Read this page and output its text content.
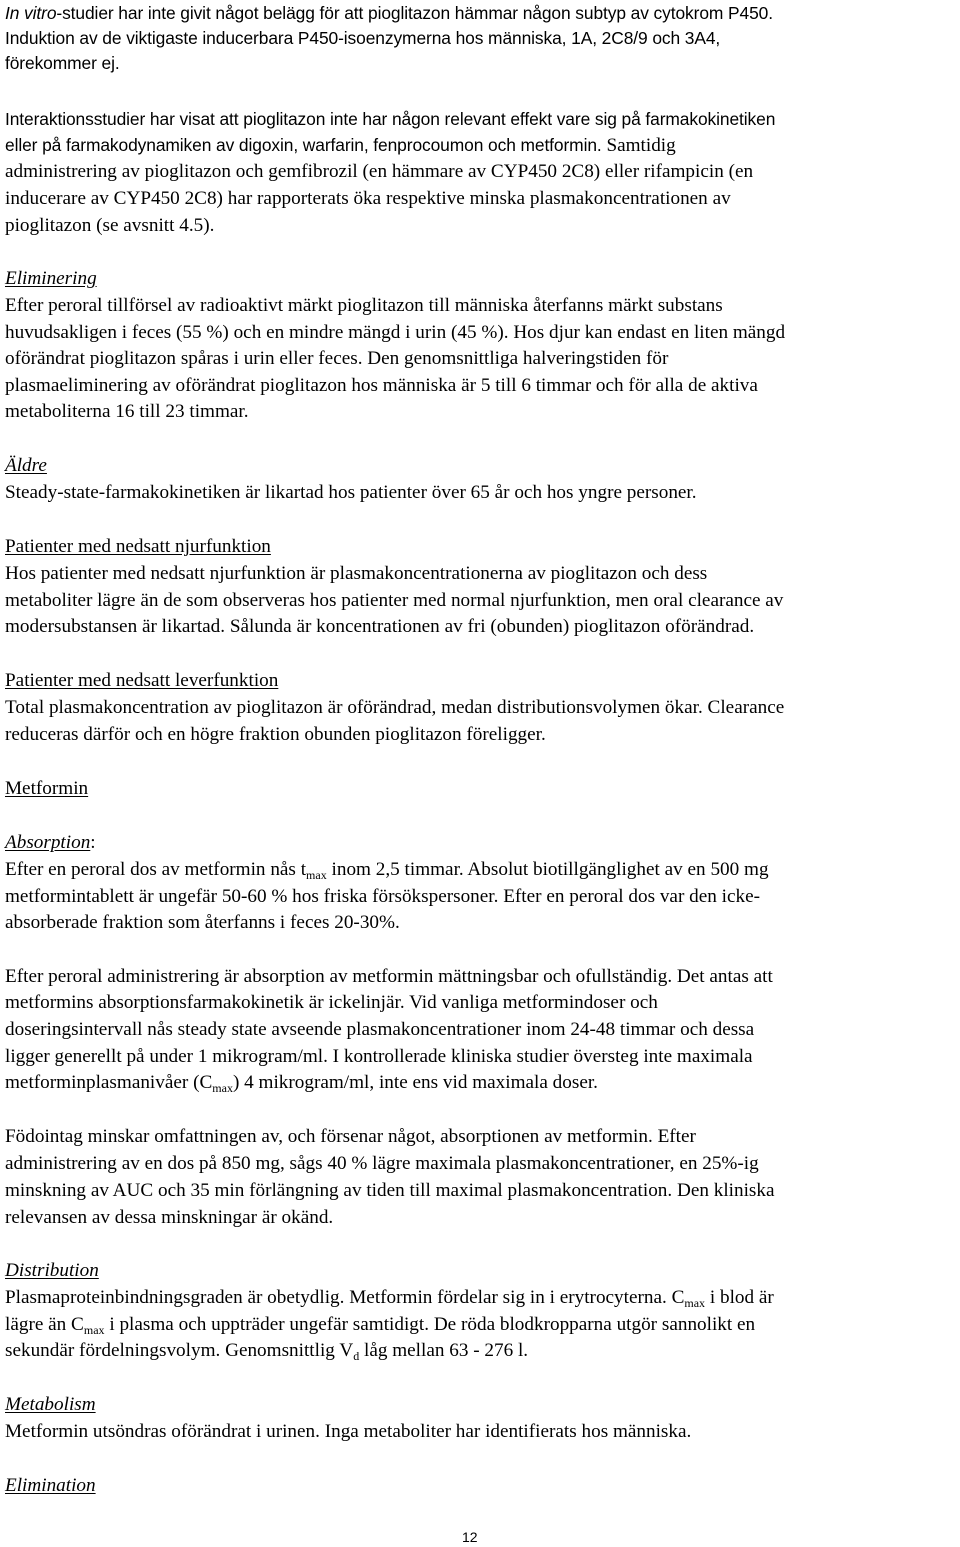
In vitro-studier har inte givit något belägg för att pioglitazon hämmar någon subtyp av cytokrom P450.
Induktion av de viktigaste inducerbara P450-isoenzymerna hos människa, 1A, 2C8/9 och 3A4,
förekommer ej.
Interaktionsstudier har visat att pioglitazon inte har någon relevant effekt vare sig på farmakokinetiken
eller på farmakodynamiken av digoxin, warfarin, fenprocoumon och metformin. Samtidig
administrering av pioglitazon och gemfibrozil (en hämmare av CYP450 2C8) eller rifampicin (en
inducerare av CYP450 2C8) har rapporterats öka respektive minska plasmakoncentrationen av
pioglitazon (se avsnitt 4.5).
Eliminering
Efter peroral tillförsel av radioaktivt märkt pioglitazon till människa återfanns märkt substans
huvudsakligen i feces (55 %) och en mindre mängd i urin (45 %). Hos djur kan endast en liten mängd
oförändrat pioglitazon spåras i urin eller feces. Den genomsnittliga halveringstiden för
plasmaeliminering av oförändrat pioglitazon hos människa är 5 till 6 timmar och för alla de aktiva
metaboliterna 16 till 23 timmar.
Äldre
Steady-state-farmakokinetiken är likartad hos patienter över 65 år och hos yngre personer.
Patienter med nedsatt njurfunktion
Hos patienter med nedsatt njurfunktion är plasmakoncentrationerna av pioglitazon och dess
metaboliter lägre än de som observeras hos patienter med normal njurfunktion, men oral clearance av
modersubstansen är likartad. Sålunda är koncentrationen av fri (obunden) pioglitazon oförändrad.
Patienter med nedsatt leverfunktion
Total plasmakoncentration av pioglitazon är oförändrad, medan distributionsvolymen ökar. Clearance
reduceras därför och en högre fraktion obunden pioglitazon föreligger.
Metformin
Absorption:
Efter en peroral dos av metformin nås $t_{max}$ inom 2,5 timmar. Absolut biotillgänglighet av en 500 mg
metformintablett är ungefär 50-60 % hos friska försökspersoner. Efter en peroral dos var den icke-
absorberade fraktion som återfanns i feces 20-30%.
Efter peroral administrering är absorption av metformin mättningsbar och ofullständig. Det antas att
metformins absorptionsfarmakokinetik är ickelinjär. Vid vanliga metformindoser och
doseringsintervall nås steady state avseende plasmakoncentrationer inom 24-48 timmar och dessa
ligger generellt på under 1 mikrogram/ml. I kontrollerade kliniska studier översteg inte maximala
metforminplasmanivåer $(C_{max})$ 4 mikrogram/ml, inte ens vid maximala doser.
Födointag minskar omfattningen av, och försenar något, absorptionen av metformin. Efter
administrering av en dos på 850 mg, sågs 40 % lägre maximala plasmakoncentrationer, en 25%-ig
minskning av AUC och 35 min förlängning av tiden till maximal plasmakoncentration. Den kliniska
relevansen av dessa minskningar är okänd.
Distribution
Plasmaproteinbindningsgraden är obetydlig. Metformin fördelar sig in i erytrocyterna. $C_{max}$ i blod är
lägre än $C_{max}$ i plasma och uppträder ungefär samtidigt. De röda blodkropparna utgör sannolikt en
sekundär fördelningsvolym. Genomsnittlig $V_d$ låg mellan 63 - 276 l.
Metabolism
Metformin utsöndras oförändrat i urinen. Inga metaboliter har identifierats hos människa.
Elimination
12
